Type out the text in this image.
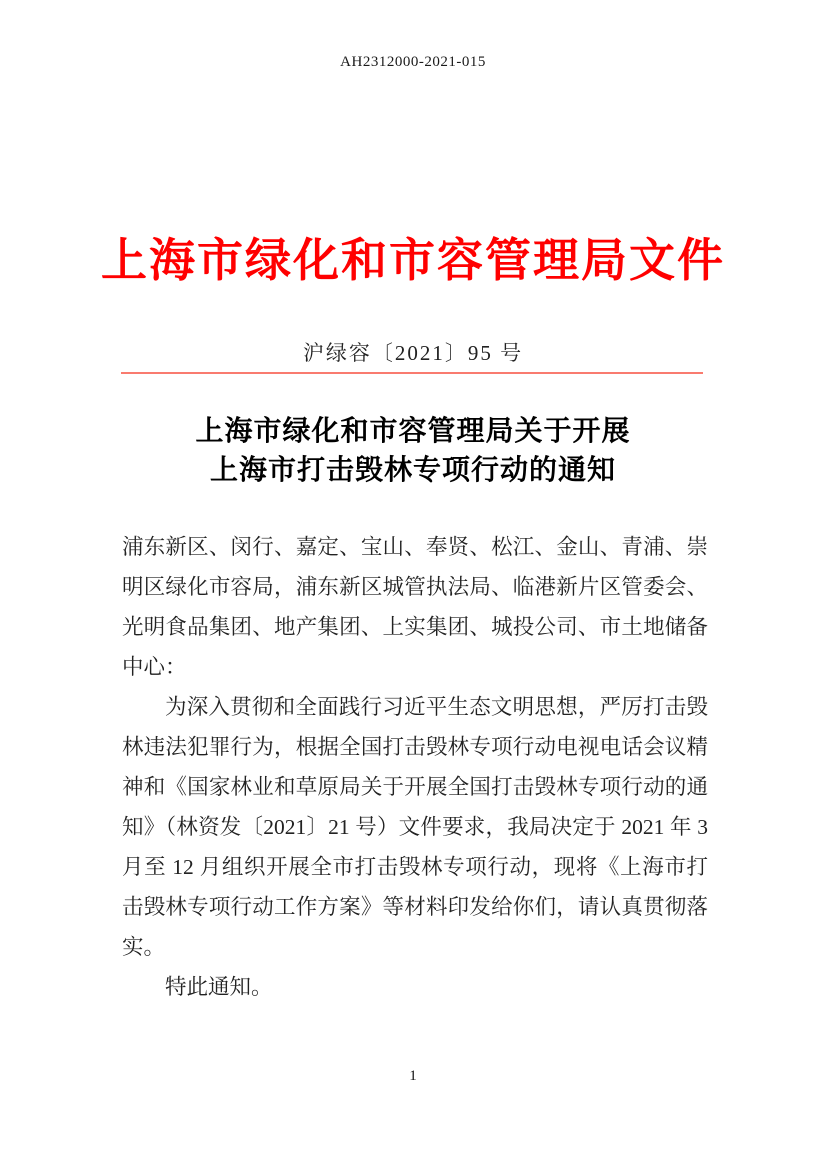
AH2312000-2021-015
上海市绿化和市容管理局文件
沪绿容〔2021〕95 号
上海市绿化和市容管理局关于开展
上海市打击毁林专项行动的通知

浦东新区、闵行、嘉定、宝山、奉贤、松江、金山、青浦、崇明区绿化市容局，浦东新区城管执法局、临港新片区管委会、光明食品集团、地产集团、上实集团、城投公司、市土地储备中心：

为深入贯彻和全面践行习近平生态文明思想，严厉打击毁林违法犯罪行为，根据全国打击毁林专项行动电视电话会议精神和《国家林业和草原局关于开展全国打击毁林专项行动的通知》（林资发〔2021〕21 号）文件要求，我局决定于 2021 年 3 月至 12 月组织开展全市打击毁林专项行动，现将《上海市打击毁林专项行动工作方案》等材料印发给你们，请认真贯彻落实。

特此通知。

1
